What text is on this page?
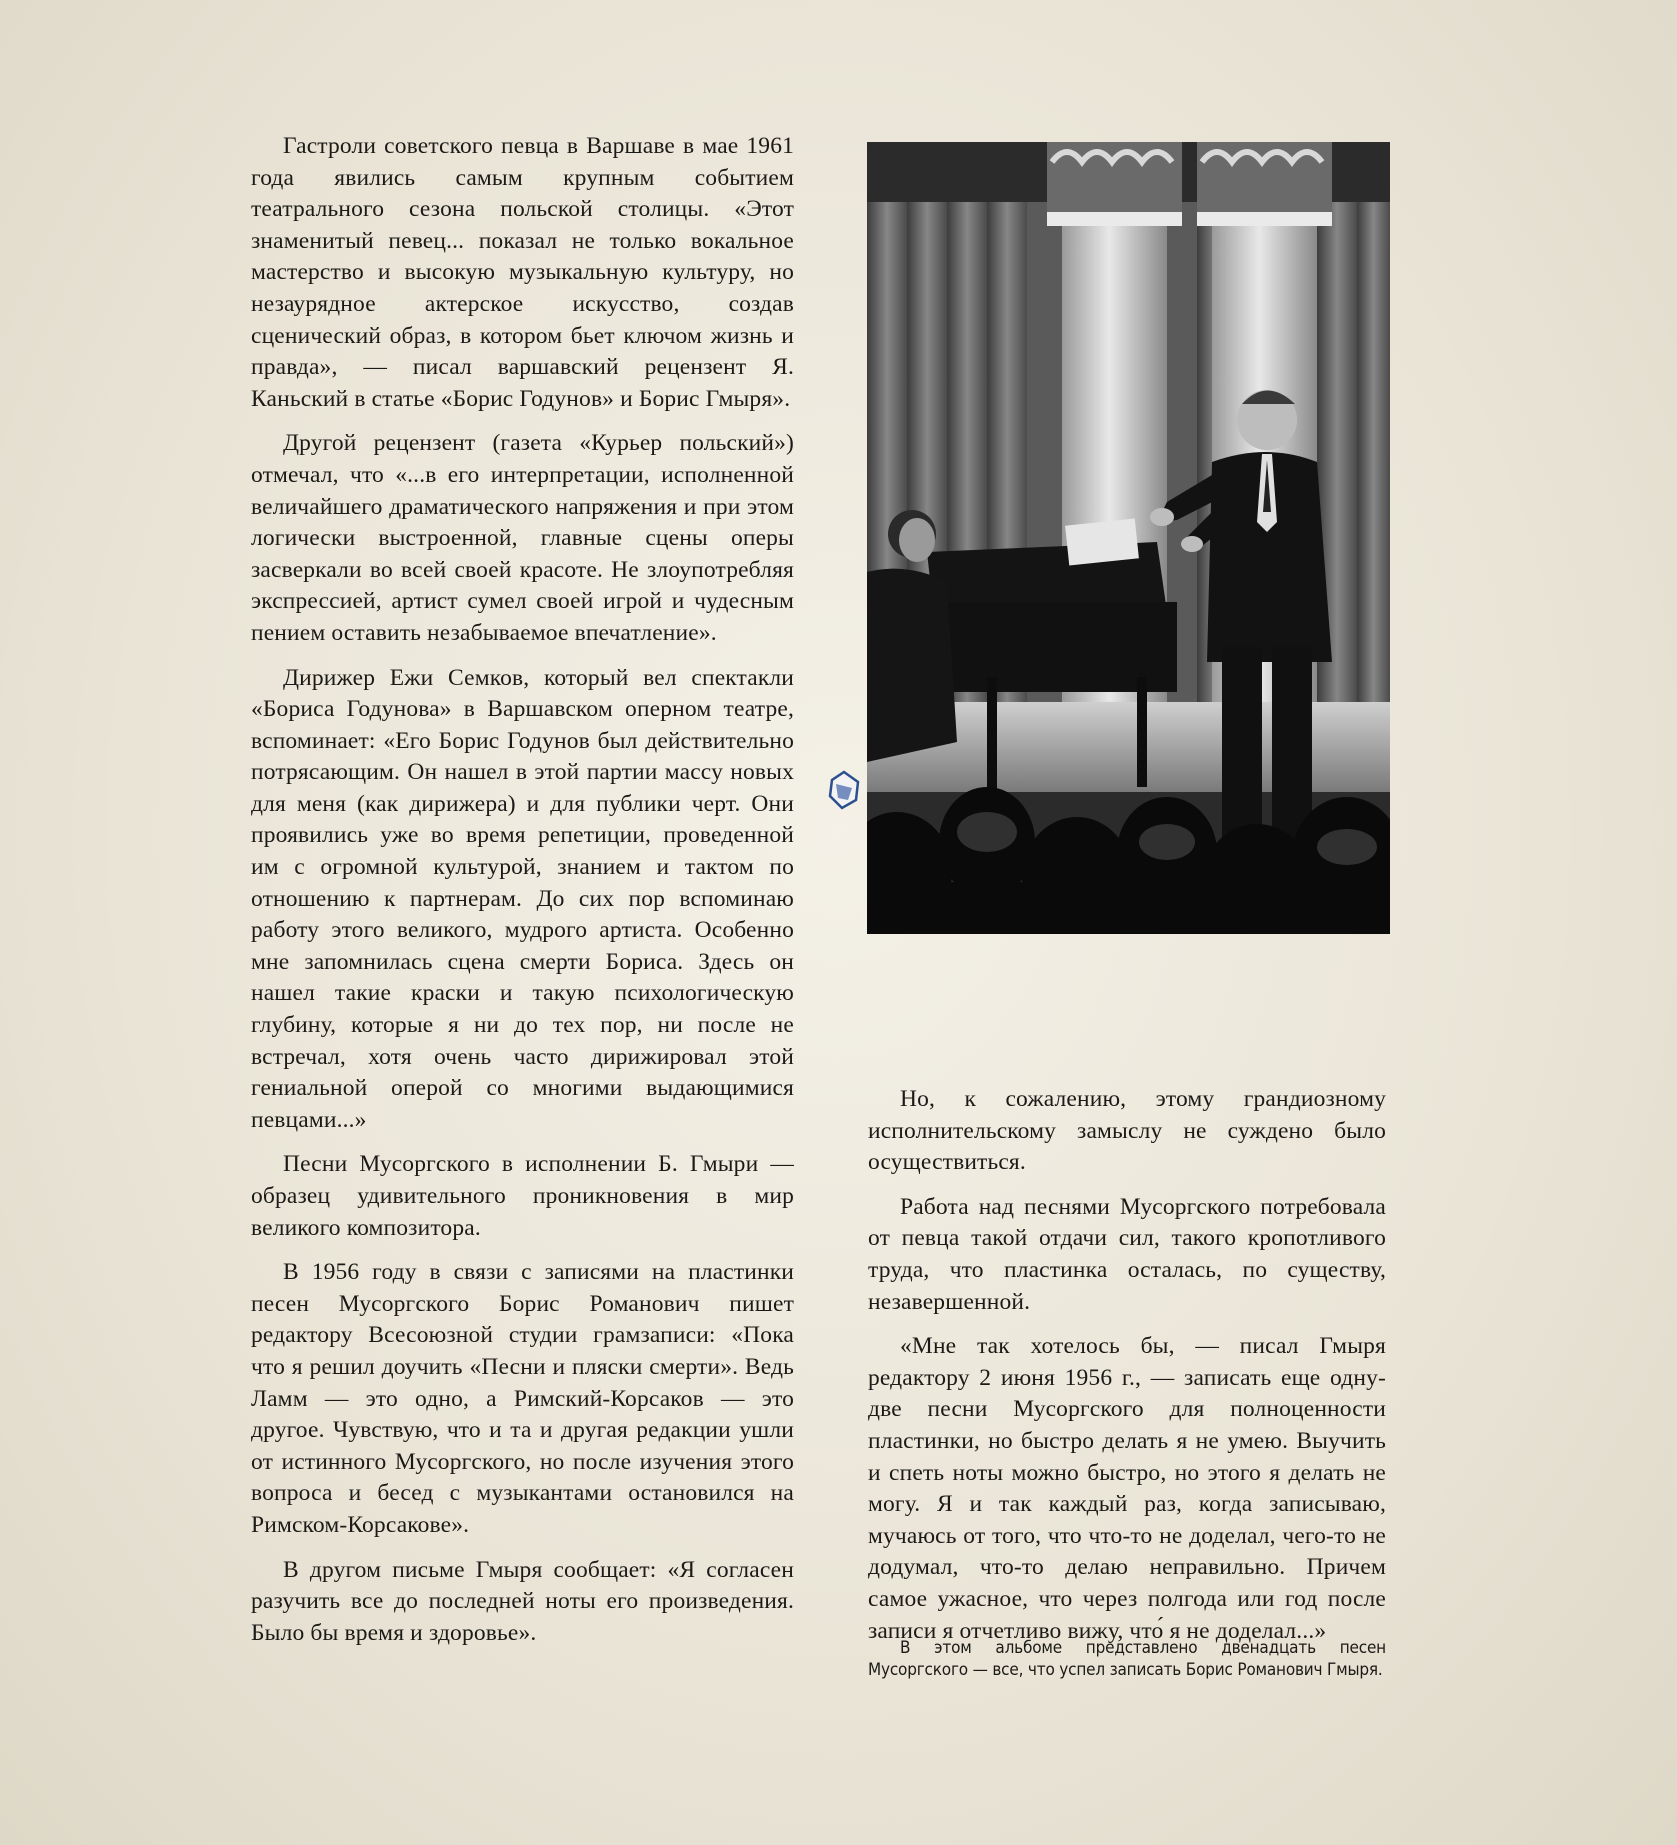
Гастроли советского певца в Варшаве в мае 1961 года явились самым крупным событием театрального сезона польской столицы. «Этот знаменитый певец... показал не только вокальное мастерство и высокую музыкальную культуру, но незаурядное актерское искусство, создав сценический образ, в котором бьет ключом жизнь и правда», — писал варшавский рецензент Я. Каньский в статье «Борис Годунов» и Борис Гмыря».

Другой рецензент (газета «Курьер польский») отмечал, что «...в его интерпретации, исполненной величайшего драматического напряжения и при этом логически выстроенной, главные сцены оперы засверкали во всей своей красоте. Не злоупотребляя экспрессией, артист сумел своей игрой и чудесным пением оставить незабываемое впечатление».

Дирижер Ежи Семков, который вел спектакли «Бориса Годунова» в Варшавском оперном театре, вспоминает: «Его Борис Годунов был действительно потрясающим. Он нашел в этой партии массу новых для меня (как дирижера) и для публики черт. Они проявились уже во время репетиции, проведенной им с огромной культурой, знанием и тактом по отношению к партнерам. До сих пор вспоминаю работу этого великого, мудрого артиста. Особенно мне запомнилась сцена смерти Бориса. Здесь он нашел такие краски и такую психологическую глубину, которые я ни до тех пор, ни после не встречал, хотя очень часто дирижировал этой гениальной оперой со многими выдающимися певцами...»

Песни Мусоргского в исполнении Б. Гмыри — образец удивительного проникновения в мир великого композитора.

В 1956 году в связи с записями на пластинки песен Мусоргского Борис Романович пишет редактору Всесоюзной студии грамзаписи: «Пока что я решил доучить «Песни и пляски смерти». Ведь Ламм — это одно, а Римский-Корсаков — это другое. Чувствую, что и та и другая редакции ушли от истинного Мусоргского, но после изучения этого вопроса и бесед с музыкантами остановился на Римском-Корсакове».

В другом письме Гмыря сообщает: «Я согласен разучить все до последней ноты его произведения. Было бы время и здоровье».

Но, к сожалению, этому грандиозному исполнительскому замыслу не суждено было осуществиться.

Работа над песнями Мусоргского потребовала от певца такой отдачи сил, такого кропотливого труда, что пластинка осталась, по существу, незавершенной.

«Мне так хотелось бы, — писал Гмыря редактору 2 июня 1956 г., — записать еще одну-две песни Мусоргского для полноценности пластинки, но быстро делать я не умею. Выучить и спеть ноты можно быстро, но этого я делать не могу. Я и так каждый раз, когда записываю, мучаюсь от того, что что-то не доделал, чего-то не додумал, что-то делаю неправильно. Причем самое ужасное, что через полгода или год после записи я отчетливо вижу, что́ я не доделал...»

В этом альбоме представлено двенадцать песен Мусоргского — все, что успел записать Борис Романович Гмыря.
